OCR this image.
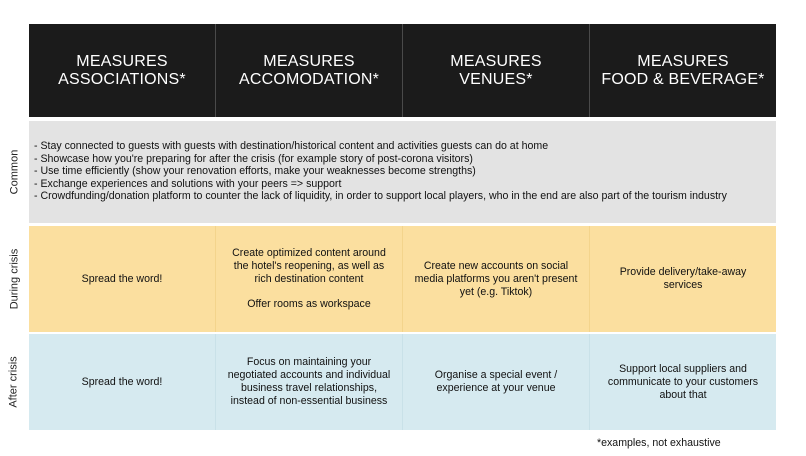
MEASURES
ASSOCIATIONS*
MEASURES
ACCOMODATION*
MEASURES
VENUES*
MEASURES
FOOD & BEVERAGE*
Common
During crisis
After crisis
- Stay connected to guests with guests with destination/historical content and activities guests can do at home
- Showcase how you're preparing for after the crisis (for example story of post-corona visitors)
- Use time efficiently (show your renovation efforts, make your weaknesses become strengths)
- Exchange experiences and solutions with your peers => support
- Crowdfunding/donation platform to counter the lack of liquidity, in order to support local players, who in the end are also part of the tourism industry
Spread the word!
Create optimized content around the hotel's reopening, as well as rich destination content
Offer rooms as workspace
Create new accounts on social media platforms you aren't present yet (e.g. Tiktok)
Provide delivery/take-away services
Spread the word!
Focus on maintaining your negotiated accounts and individual business travel relationships, instead of non-essential business
Organise a special event / experience at your venue
Support local suppliers and communicate to your customers about that
*examples, not exhaustive
